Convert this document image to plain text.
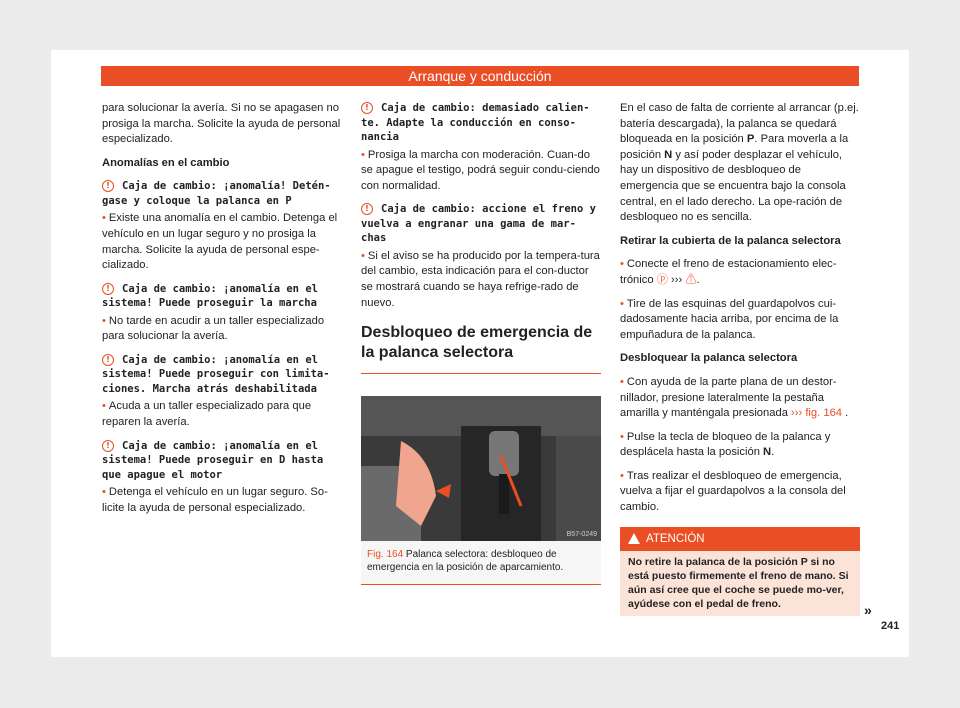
Arranque y conducción

para solucionar la avería. Si no se apagasen no prosiga la marcha. Solicite la ayuda de personal especializado.

Anomalías en el cambio

! Caja de cambio: ¡anomalía! Detén-gase y coloque la palanca en P

• Existe una anomalía en el cambio. Detenga el vehículo en un lugar seguro y no prosiga la marcha. Solicite la ayuda de personal espe-cializado.

! Caja de cambio: ¡anomalía en el sistema! Puede proseguir la marcha

• No tarde en acudir a un taller especializado para solucionar la avería.

! Caja de cambio: ¡anomalía en el sistema! Puede proseguir con limita-ciones. Marcha atrás deshabilitada

• Acuda a un taller especializado para que reparen la avería.

! Caja de cambio: ¡anomalía en el sistema! Puede proseguir en D hasta que apague el motor

• Detenga el vehículo en un lugar seguro. So-licite la ayuda de personal especializado.

! Caja de cambio: demasiado calien-te. Adapte la conducción en conso-nancia

• Prosiga la marcha con moderación. Cuan-do se apague el testigo, podrá seguir condu-ciendo con normalidad.

! Caja de cambio: accione el freno y vuelva a engranar una gama de mar-chas

• Si el aviso se ha producido por la tempera-tura del cambio, esta indicación para el con-ductor se mostrará cuando se haya refrige-rado de nuevo.

Desbloqueo de emergencia de la palanca selectora
B57-0249
Fig. 164 Palanca selectora: desbloqueo de emergencia en la posición de aparcamiento.

En el caso de falta de corriente al arrancar (p.ej. batería descargada), la palanca se quedará bloqueada en la posición P. Para moverla a la posición N y así poder desplazar el vehículo, hay un dispositivo de desbloqueo de emergencia que se encuentra bajo la consola central, en el lado derecho. La ope-ración de desbloqueo no es sencilla.

Retirar la cubierta de la palanca selectora

• Conecte el freno de estacionamiento elec-trónico ⓟ ››› ⚠.

• Tire de las esquinas del guardapolvos cui-dadosamente hacia arriba, por encima de la empuñadura de la palanca.

Desbloquear la palanca selectora

• Con ayuda de la parte plana de un destor-nillador, presione lateralmente la pestaña amarilla y manténgala presionada ››› fig. 164 .

• Pulse la tecla de bloqueo de la palanca y desplácela hasta la posición N.

• Tras realizar el desbloqueo de emergencia, vuelva a fijar el guardapolvos a la consola del cambio.

ATENCIÓN
No retire la palanca de la posición P si no está puesto firmemente el freno de mano. Si aún así cree que el coche se puede mo-ver, ayúdese con el pedal de freno.	»
241
